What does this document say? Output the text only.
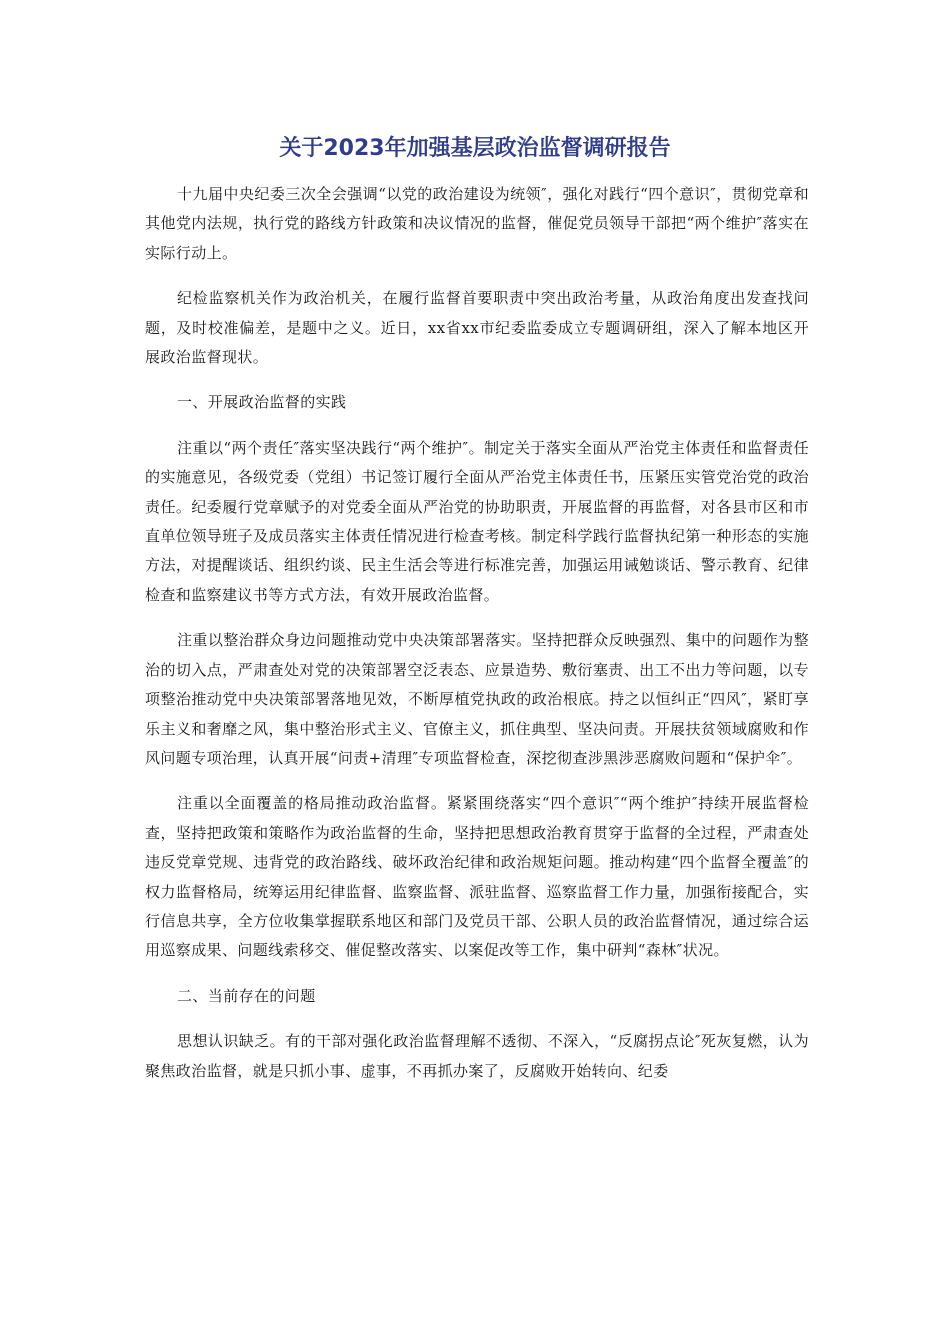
关于2023年加强基层政治监督调研报告

十九届中央纪委三次全会强调“以党的政治建设为统领″，强化对践行“四个意识″，贯彻党章和其他党内法规，执行党的路线方针政策和决议情况的监督，催促党员领导干部把“两个维护″落实在实际行动上。

纪检监察机关作为政治机关，在履行监督首要职责中突出政治考量，从政治角度出发查找问题，及时校准偏差，是题中之义。近日，xx省xx市纪委监委成立专题调研组，深入了解本地区开展政治监督现状。

一、开展政治监督的实践

注重以“两个责任″落实坚决践行“两个维护″。制定关于落实全面从严治党主体责任和监督责任的实施意见，各级党委（党组）书记签订履行全面从严治党主体责任书，压紧压实管党治党的政治责任。纪委履行党章赋予的对党委全面从严治党的协助职责，开展监督的再监督，对各县市区和市直单位领导班子及成员落实主体责任情况进行检查考核。制定科学践行监督执纪第一种形态的实施方法，对提醒谈话、组织约谈、民主生活会等进行标准完善，加强运用诫勉谈话、警示教育、纪律检查和监察建议书等方式方法，有效开展政治监督。

注重以整治群众身边问题推动党中央决策部署落实。坚持把群众反映强烈、集中的问题作为整治的切入点，严肃查处对党的决策部署空泛表态、应景造势、敷衍塞责、出工不出力等问题，以专项整治推动党中央决策部署落地见效，不断厚植党执政的政治根底。持之以恒纠正“四风″，紧盯享乐主义和奢靡之风，集中整治形式主义、官僚主义，抓住典型、坚决问责。开展扶贫领域腐败和作风问题专项治理，认真开展“问责+清理″专项监督检查，深挖彻查涉黑涉恶腐败问题和“保护伞″。

注重以全面覆盖的格局推动政治监督。紧紧围绕落实“四个意识″“两个维护″持续开展监督检查，坚持把政策和策略作为政治监督的生命，坚持把思想政治教育贯穿于监督的全过程，严肃查处违反党章党规、违背党的政治路线、破坏政治纪律和政治规矩问题。推动构建“四个监督全覆盖″的权力监督格局，统筹运用纪律监督、监察监督、派驻监督、巡察监督工作力量，加强衔接配合，实行信息共享，全方位收集掌握联系地区和部门及党员干部、公职人员的政治监督情况，通过综合运用巡察成果、问题线索移交、催促整改落实、以案促改等工作，集中研判“森林″状况。

二、当前存在的问题

思想认识缺乏。有的干部对强化政治监督理解不透彻、不深入，“反腐拐点论″死灰复燃，认为聚焦政治监督，就是只抓小事、虚事，不再抓办案了，反腐败开始转向、纪委
